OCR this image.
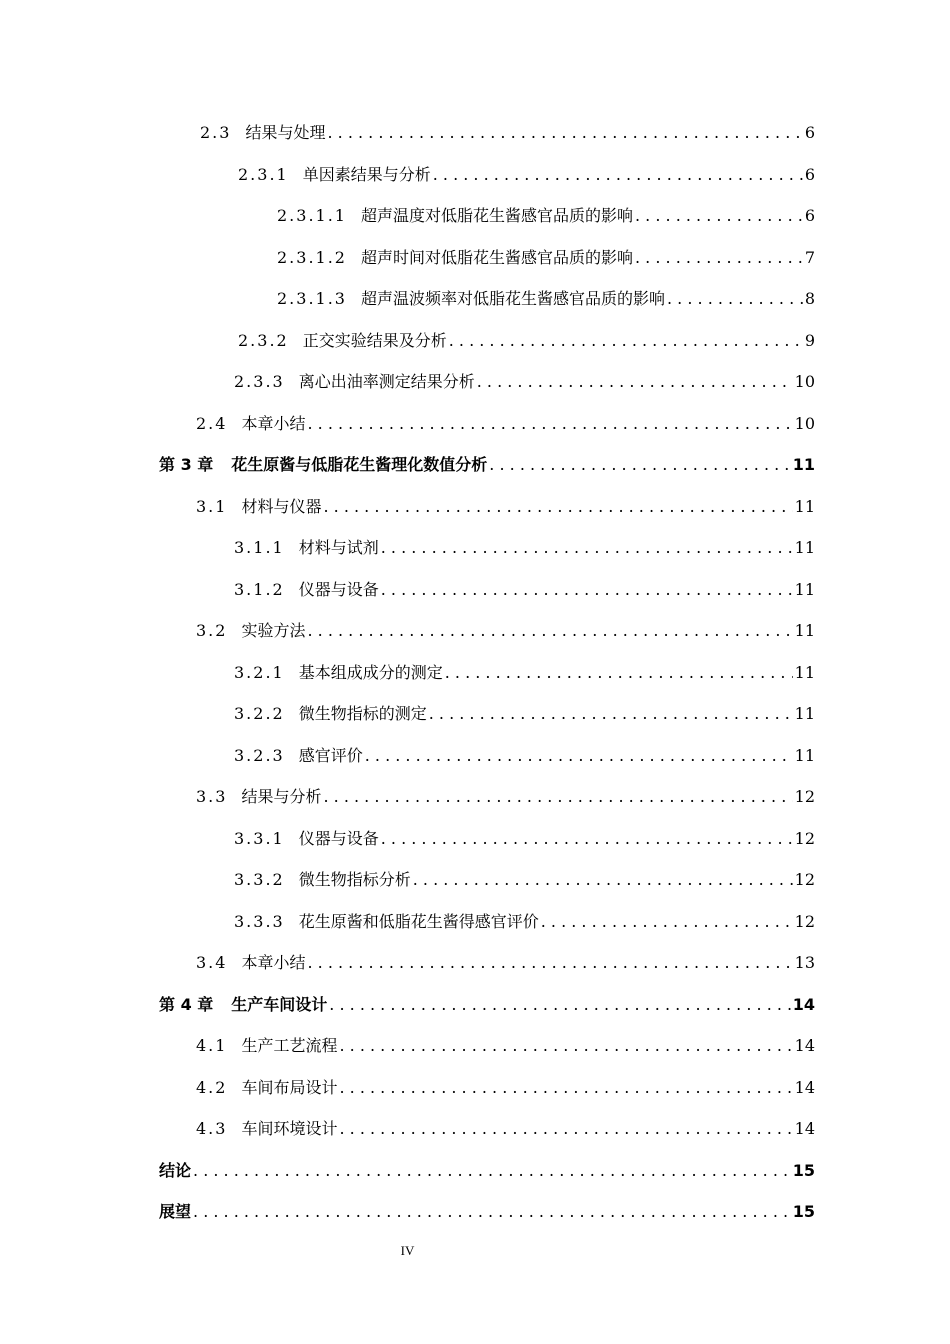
2.3 结果与处理 . . .	6
2.3.1 单因素结果与分析 . . .	6
2.3.1.1 超声温度对低脂花生酱感官品质的影响 . . .	6
2.3.1.2 超声时间对低脂花生酱感官品质的影响 . . .	7
2.3.1.3 超声温波频率对低脂花生酱感官品质的影响 . . .	8
2.3.2 正交实验结果及分析 . . .	9
2.3.3 离心出油率测定结果分析 . . .	10
2.4 本章小结 . . .	10
第 3 章 花生原酱与低脂花生酱理化数值分析 . . .	11
3.1 材料与仪器 . . .	11
3.1.1 材料与试剂 . . .	11
3.1.2 仪器与设备 . . .	11
3.2 实验方法 . . .	11
3.2.1 基本组成成分的测定 . . .	11
3.2.2 微生物指标的测定 . . .	11
3.2.3 感官评价 . . .	11
3.3 结果与分析 . . .	12
3.3.1 仪器与设备 . . .	12
3.3.2 微生物指标分析 . . .	12
3.3.3 花生原酱和低脂花生酱得感官评价 . . .	12
3.4 本章小结 . . .	13
第 4 章 生产车间设计 . . .	14
4.1 生产工艺流程 . . .	14
4.2 车间布局设计 . . .	14
4.3 车间环境设计 . . .	14
结论 . . .	15
展望 . . .	15
IV
